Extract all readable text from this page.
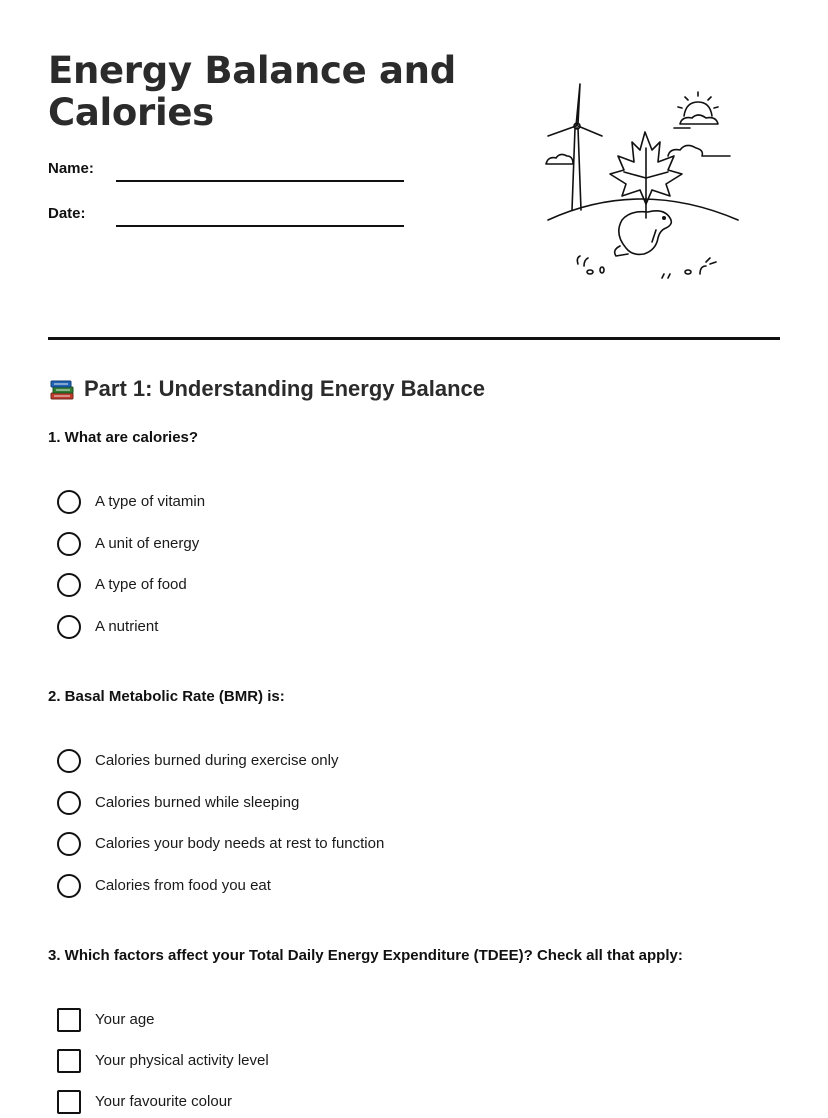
Energy Balance and Calories
Name:
Date:
Part 1: Understanding Energy Balance
1. What are calories?
A type of vitamin
A unit of energy
A type of food
A nutrient
2. Basal Metabolic Rate (BMR) is:
Calories burned during exercise only
Calories burned while sleeping
Calories your body needs at rest to function
Calories from food you eat
3. Which factors affect your Total Daily Energy Expenditure (TDEE)? Check all that apply:
Your age
Your physical activity level
Your favourite colour
